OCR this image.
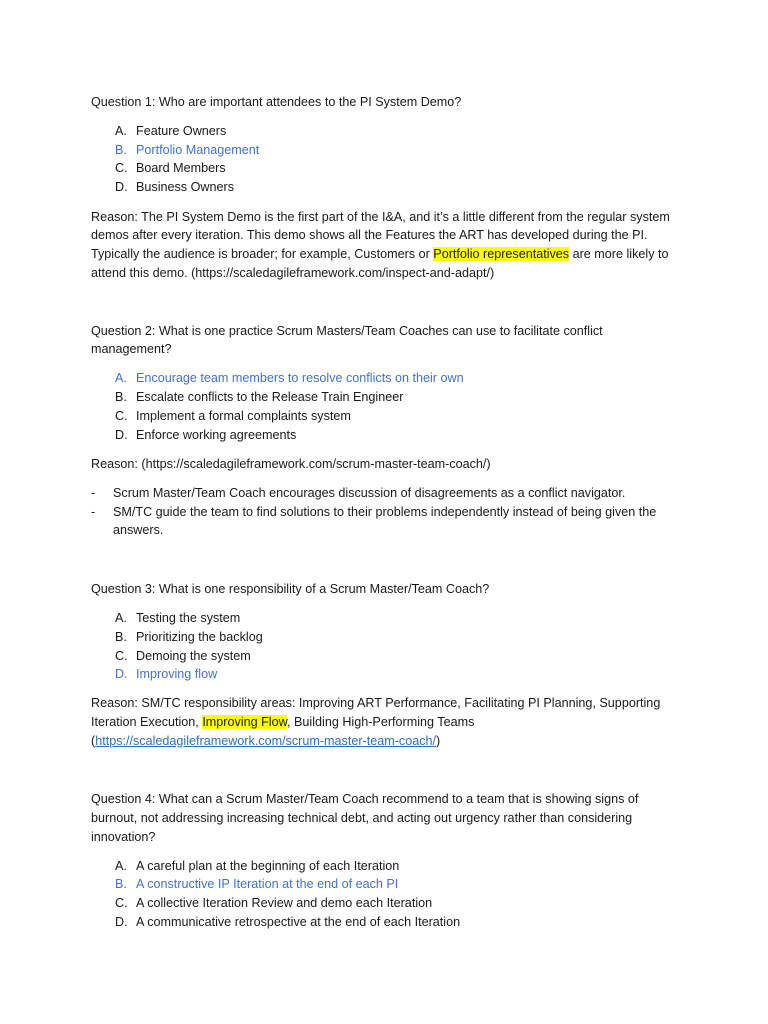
Question 1: Who are important attendees to the PI System Demo?
A. Feature Owners
B. Portfolio Management
C. Board Members
D. Business Owners
Reason: The PI System Demo is the first part of the I&A, and it’s a little different from the regular system
demos after every iteration. This demo shows all the Features the ART has developed during the PI.
Typically the audience is broader; for example, Customers or Portfolio representatives are more likely to
attend this demo. (https://scaledagileframework.com/inspect-and-adapt/)
Question 2: What is one practice Scrum Masters/Team Coaches can use to facilitate conflict
management?
A. Encourage team members to resolve conflicts on their own
B. Escalate conflicts to the Release Train Engineer
C. Implement a formal complaints system
D. Enforce working agreements
Reason: (https://scaledagileframework.com/scrum-master-team-coach/)
- Scrum Master/Team Coach encourages discussion of disagreements as a conflict navigator.
- SM/TC guide the team to find solutions to their problems independently instead of being given the
answers.
Question 3: What is one responsibility of a Scrum Master/Team Coach?
A. Testing the system
B. Prioritizing the backlog
C. Demoing the system
D. Improving flow
Reason: SM/TC responsibility areas: Improving ART Performance, Facilitating PI Planning, Supporting
Iteration Execution, Improving Flow, Building High-Performing Teams
(https://scaledagileframework.com/scrum-master-team-coach/)
Question 4: What can a Scrum Master/Team Coach recommend to a team that is showing signs of
burnout, not addressing increasing technical debt, and acting out urgency rather than considering
innovation?
A. A careful plan at the beginning of each Iteration
B. A constructive IP Iteration at the end of each PI
C. A collective Iteration Review and demo each Iteration
D. A communicative retrospective at the end of each Iteration
